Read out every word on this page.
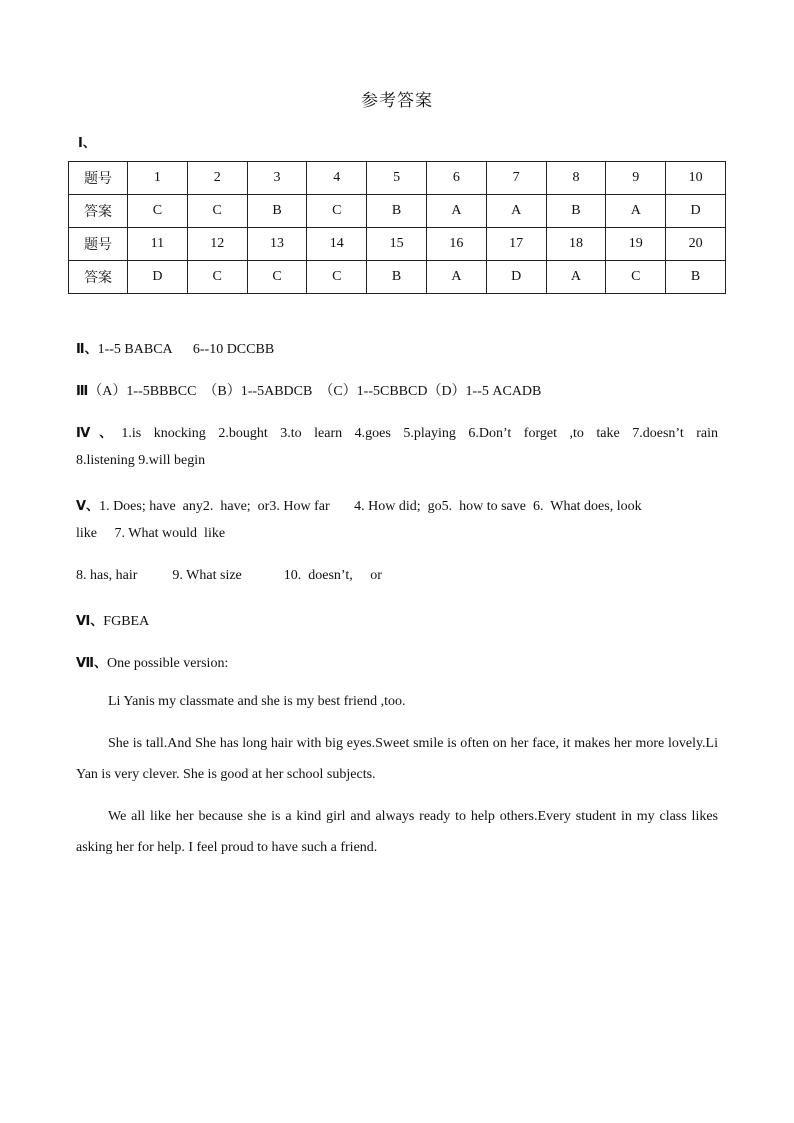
参考答案
Ⅰ、
题号	1	2	3	4	5	6	7	8	9	10
答案	C	C	B	C	B	A	A	B	A	D
题号	11	12	13	14	15	16	17	18	19	20
答案	D	C	C	C	B	A	D	A	C	B
Ⅱ、1--5 BABCA      6--10 DCCBB
Ⅲ（A）1--5BBBCC  （B）1--5ABDCB  （C）1--5CBBCD（D）1--5 ACADB
Ⅳ、1.is knocking 2.bought 3.to learn 4.goes 5.playing 6.Don’t forget ,to take 7.doesn’t rain
8.listening 9.will begin
Ⅴ、1. Does; have  any2.  have;  or3. How far       4. How did;  go5.  how to save  6.  What does, look
like     7. What would  like
8. has, hair          9. What size            10.  doesn’t,     or
Ⅵ、FGBEA
Ⅶ、One possible version:
Li Yanis my classmate and she is my best friend ,too.
She is tall.And She has long hair with big eyes.Sweet smile is often on her face, it makes her more lovely.Li Yan is very clever. She is good at her school subjects.
We all like her because she is a kind girl and always ready to help others.Every student in my class likes asking her for help. I feel proud to have such a friend.
